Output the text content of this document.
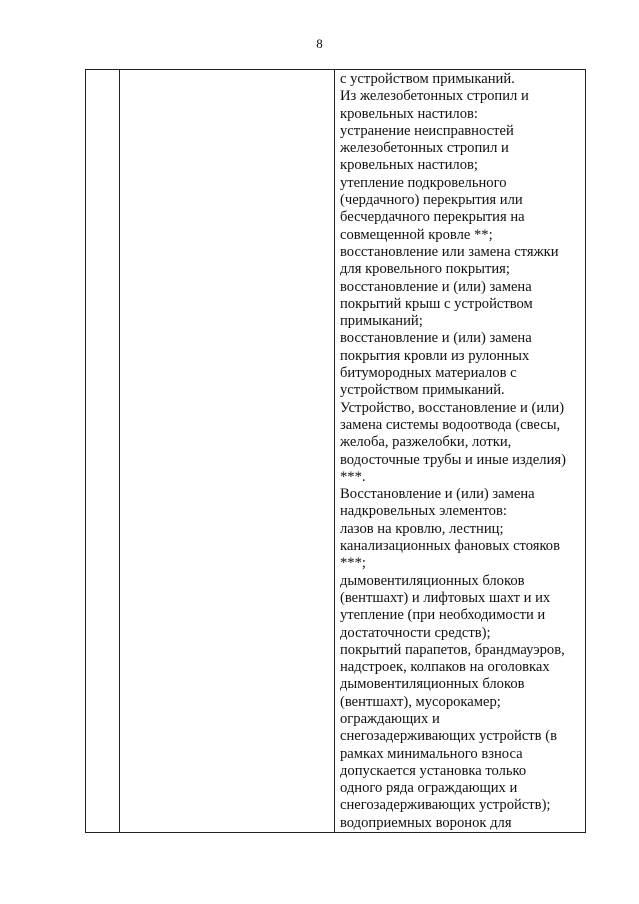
8

с устройством примыканий.
Из железобетонных стропил и
кровельных настилов:
устранение неисправностей
железобетонных стропил и
кровельных настилов;
утепление подкровельного
(чердачного) перекрытия или
бесчердачного перекрытия на
совмещенной кровле **;
восстановление или замена стяжки
для кровельного покрытия;
восстановление и (или) замена
покрытий крыш с устройством
примыканий;
восстановление и (или) замена
покрытия кровли из рулонных
битумородных материалов с
устройством примыканий.
Устройство, восстановление и (или)
замена системы водоотвода (свесы,
желоба, разжелобки, лотки,
водосточные трубы и иные изделия)
***.
Восстановление и (или) замена
надкровельных элементов:
лазов на кровлю, лестниц;
канализационных фановых стояков
***;
дымовентиляционных блоков
(вентшахт) и лифтовых шахт и их
утепление (при необходимости и
достаточности средств);
покрытий парапетов, брандмауэров,
надстроек, колпаков на оголовках
дымовентиляционных блоков
(вентшахт), мусорокамер;
ограждающих и
снегозадерживающих устройств (в
рамках минимального взноса
допускается установка только
одного ряда ограждающих и
снегозадерживающих устройств);
водоприемных воронок для
